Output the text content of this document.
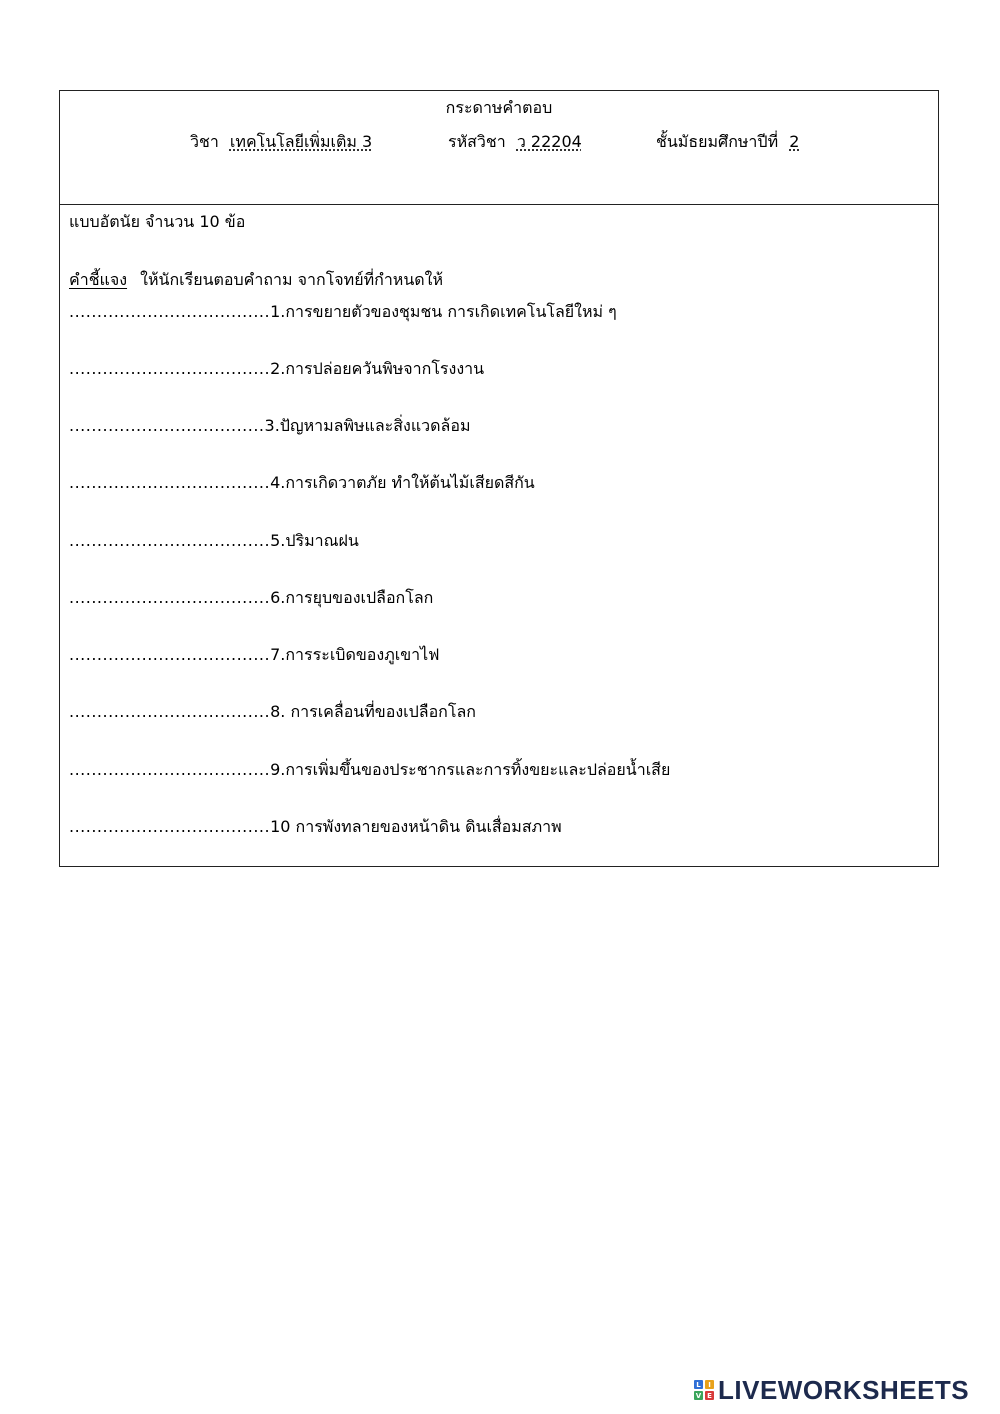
กระดาษคำตอบ
วิชา เทคโนโลยีเพิ่มเติม 3	รหัสวิชา ว 22204	ชั้นมัธยมศึกษาปีที่ 2
แบบอัตนัย จำนวน 10 ข้อ
คำชี้แจง ให้นักเรียนตอบคำถาม จากโจทย์ที่กำหนดให้
....................................1.การขยายตัวของชุมชน การเกิดเทคโนโลยีใหม่ ๆ
....................................2.การปล่อยควันพิษจากโรงงาน
...................................3.ปัญหามลพิษและสิ่งแวดล้อม
....................................4.การเกิดวาตภัย ทำให้ต้นไม้เสียดสีกัน
....................................5.ปริมาณฝน
....................................6.การยุบของเปลือกโลก
....................................7.การระเบิดของภูเขาไฟ
....................................8. การเคลื่อนที่ของเปลือกโลก
....................................9.การเพิ่มขึ้นของประชากรและการทิ้งขยะและปล่อยน้ำเสีย
....................................10 การพังทลายของหน้าดิน ดินเสื่อมสภาพ
L	I
V E LIVEWORKSHEETS
